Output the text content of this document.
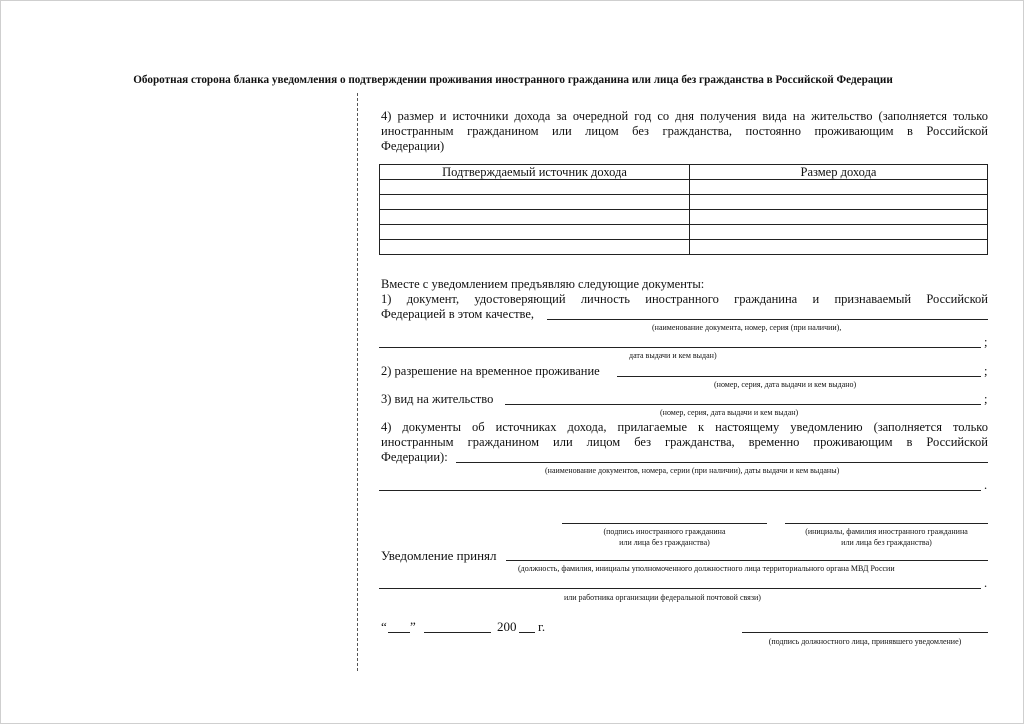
Оборотная сторона бланка уведомления о подтверждении проживания иностранного гражданина или лица без гражданства в Российской Федерации
4) размер и источники дохода за очередной год со дня получения вида на жительство (заполняется только
иностранным гражданином или лицом без гражданства, постоянно проживающим в Российской
Федерации)
Подтверждаемый источник дохода	Размер дохода

Вместе с уведомлением предъявляю следующие документы:
1) документ, удостоверяющий личность иностранного гражданина и признаваемый Российской
Федерацией в этом качестве,
(наименование документа, номер, серия (при наличии),
;
дата выдачи и кем выдан)
2) разрешение на временное проживание	;
(номер, серия, дата выдачи и кем выдано)
3) вид на жительство	;
(номер, серия, дата выдачи и кем выдан)
4) документы об источниках дохода, прилагаемые к настоящему уведомлению (заполняется только
иностранным гражданином или лицом без гражданства, временно проживающим в Российской
Федерации):
(наименование документов, номера, серии (при наличии), даты выдачи и кем выданы)
.
(подпись иностранного гражданина
или лица без гражданства)
(инициалы, фамилия иностранного гражданина
или лица без гражданства)
Уведомление принял
(должность, фамилия, инициалы уполномоченного должностного лица территориального органа МВД России
.
или работника организации федеральной почтовой связи)
“ ”	200 г.
(подпись должностного лица, принявшего уведомление)
